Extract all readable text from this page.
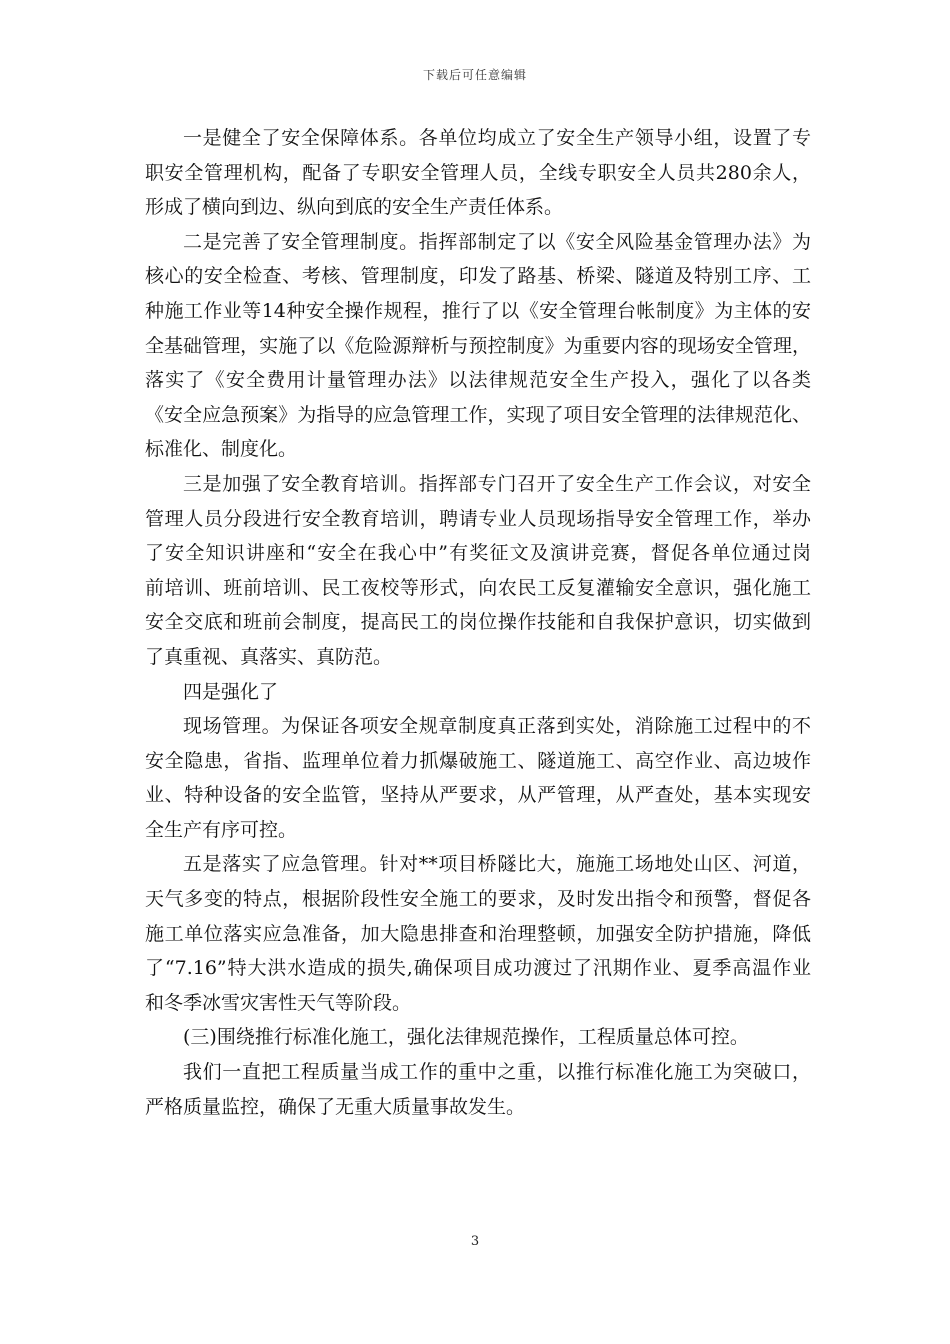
下载后可任意编辑
一是健全了安全保障体系。各单位均成立了安全生产领导小组，设置了专
职安全管理机构，配备了专职安全管理人员，全线专职安全人员共280余人，
形成了横向到边、纵向到底的安全生产责任体系。
二是完善了安全管理制度。指挥部制定了以《安全风险基金管理办法》为
核心的安全检查、考核、管理制度，印发了路基、桥梁、隧道及特别工序、工
种施工作业等14种安全操作规程，推行了以《安全管理台帐制度》为主体的安
全基础管理，实施了以《危险源辩析与预控制度》为重要内容的现场安全管理，
落实了《安全费用计量管理办法》以法律规范安全生产投入，强化了以各类
《安全应急预案》为指导的应急管理工作，实现了项目安全管理的法律规范化、
标准化、制度化。
三是加强了安全教育培训。指挥部专门召开了安全生产工作会议，对安全
管理人员分段进行安全教育培训，聘请专业人员现场指导安全管理工作，举办
了安全知识讲座和“安全在我心中”有奖征文及演讲竞赛，督促各单位通过岗
前培训、班前培训、民工夜校等形式，向农民工反复灌输安全意识，强化施工
安全交底和班前会制度，提高民工的岗位操作技能和自我保护意识，切实做到
了真重视、真落实、真防范。
四是强化了
现场管理。为保证各项安全规章制度真正落到实处，消除施工过程中的不
安全隐患，省指、监理单位着力抓爆破施工、隧道施工、高空作业、高边坡作
业、特种设备的安全监管，坚持从严要求，从严管理，从严查处，基本实现安
全生产有序可控。
五是落实了应急管理。针对**项目桥隧比大，施施工场地处山区、河道，
天气多变的特点，根据阶段性安全施工的要求，及时发出指令和预警，督促各
施工单位落实应急准备，加大隐患排查和治理整顿，加强安全防护措施，降低
了“7.16”特大洪水造成的损失,确保项目成功渡过了汛期作业、夏季高温作业
和冬季冰雪灾害性天气等阶段。
(三)围绕推行标准化施工，强化法律规范操作，工程质量总体可控。
我们一直把工程质量当成工作的重中之重，以推行标准化施工为突破口，
严格质量监控，确保了无重大质量事故发生。
3
